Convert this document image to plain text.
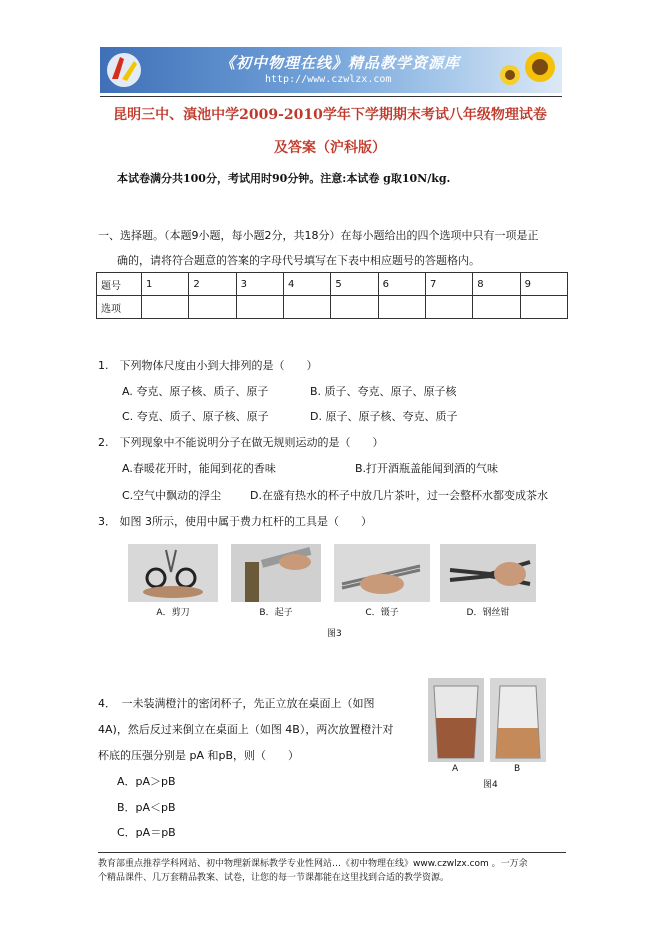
《初中物理在线》精品教学资源库
http://www.czwlzx.com
昆明三中、滇池中学2009-2010学年下学期期末考试八年级物理试卷
及答案（沪科版）
本试卷满分共100分，考试用时90分钟。注意:本试卷 g取10N/kg.
一、选择题。（本题9小题，每小题2分，共18分）在每小题给出的四个选项中只有一项是正
确的，请将符合题意的答案的字母代号填写在下表中相应题号的答题格内。
题号	1	2	3	4	5	6	7	8	9
选项									
1.　下列物体尺度由小到大排列的是（　　）
A. 夸克、原子核、质子、原子	B. 质子、夸克、原子、原子核
C. 夸克、质子、原子核、原子	D. 原子、原子核、夸克、质子
2.　下列现象中不能说明分子在做无规则运动的是（　　）
A.春暖花开时，能闻到花的香味	B.打开酒瓶盖能闻到酒的气味
C.空气中飘动的浮尘	D.在盛有热水的杯子中放几片茶叶，过一会整杯水都变成茶水
3． 如图 3所示，使用中属于费力杠杆的工具是（　　）
A．剪刀	B．起子	C．镊子	D．钢丝钳
图3
4．　一未装满橙汁的密闭杯子，先正立放在桌面上（如图
4A)，然后反过来倒立在桌面上（如图 4B），两次放置橙汁对
杯底的压强分别是 pA 和pB，则（　　）
A．pA＞pB
B．pA＜pB
C．pA＝pB
A	B
图4
教育部重点推荐学科网站、初中物理新课标教学专业性网站…《初中物理在线》www.czwlzx.com 。一万余
个精品课件、几万套精品教案、试卷，让您的每一节课都能在这里找到合适的教学资源。
